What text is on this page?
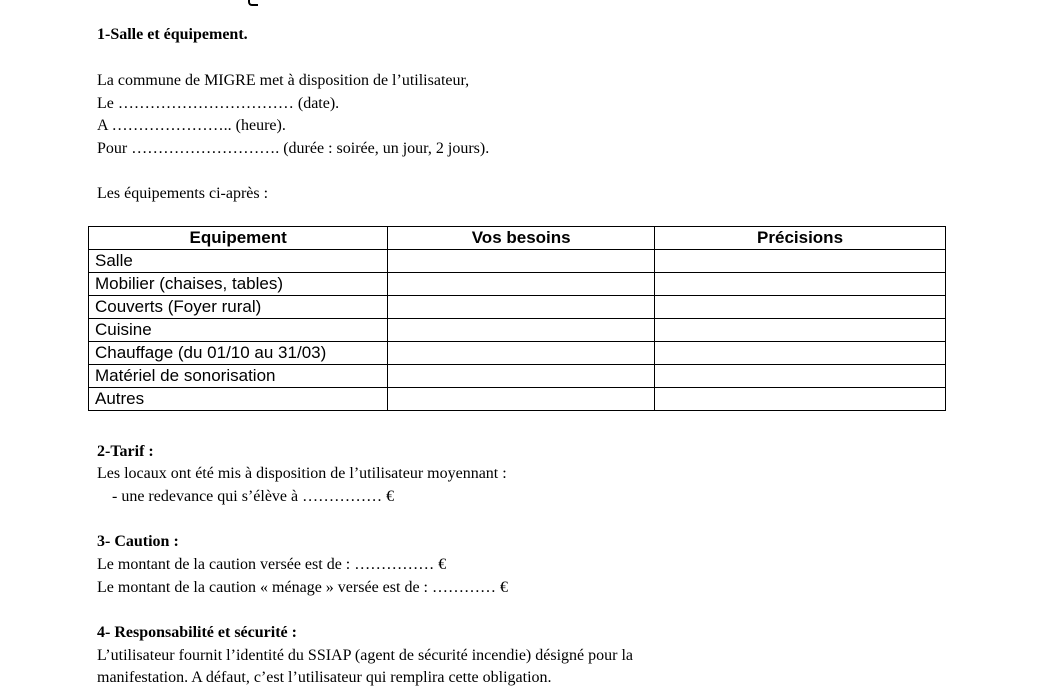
1-Salle et équipement.
La commune de MIGRE met à disposition de l’utilisateur,
Le …………………………… (date).
A ………………….. (heure).
Pour ………………………. (durée : soirée, un jour, 2 jours).
Les équipements ci-après :
Equipement	Vos besoins	Précisions
Salle		
Mobilier (chaises, tables)		
Couverts (Foyer rural)		
Cuisine		
Chauffage (du 01/10 au 31/03)		
Matériel de sonorisation		
Autres		
2-Tarif :
Les locaux ont été mis à disposition de l’utilisateur moyennant :
- une redevance qui s’élève à …………… €
3- Caution :
Le montant de la caution versée est de : …………… €
Le montant de la caution « ménage » versée est de : ………… €
4- Responsabilité et sécurité :
L’utilisateur fournit l’identité du SSIAP (agent de sécurité incendie) désigné pour la
manifestation. A défaut, c’est l’utilisateur qui remplira cette obligation.
